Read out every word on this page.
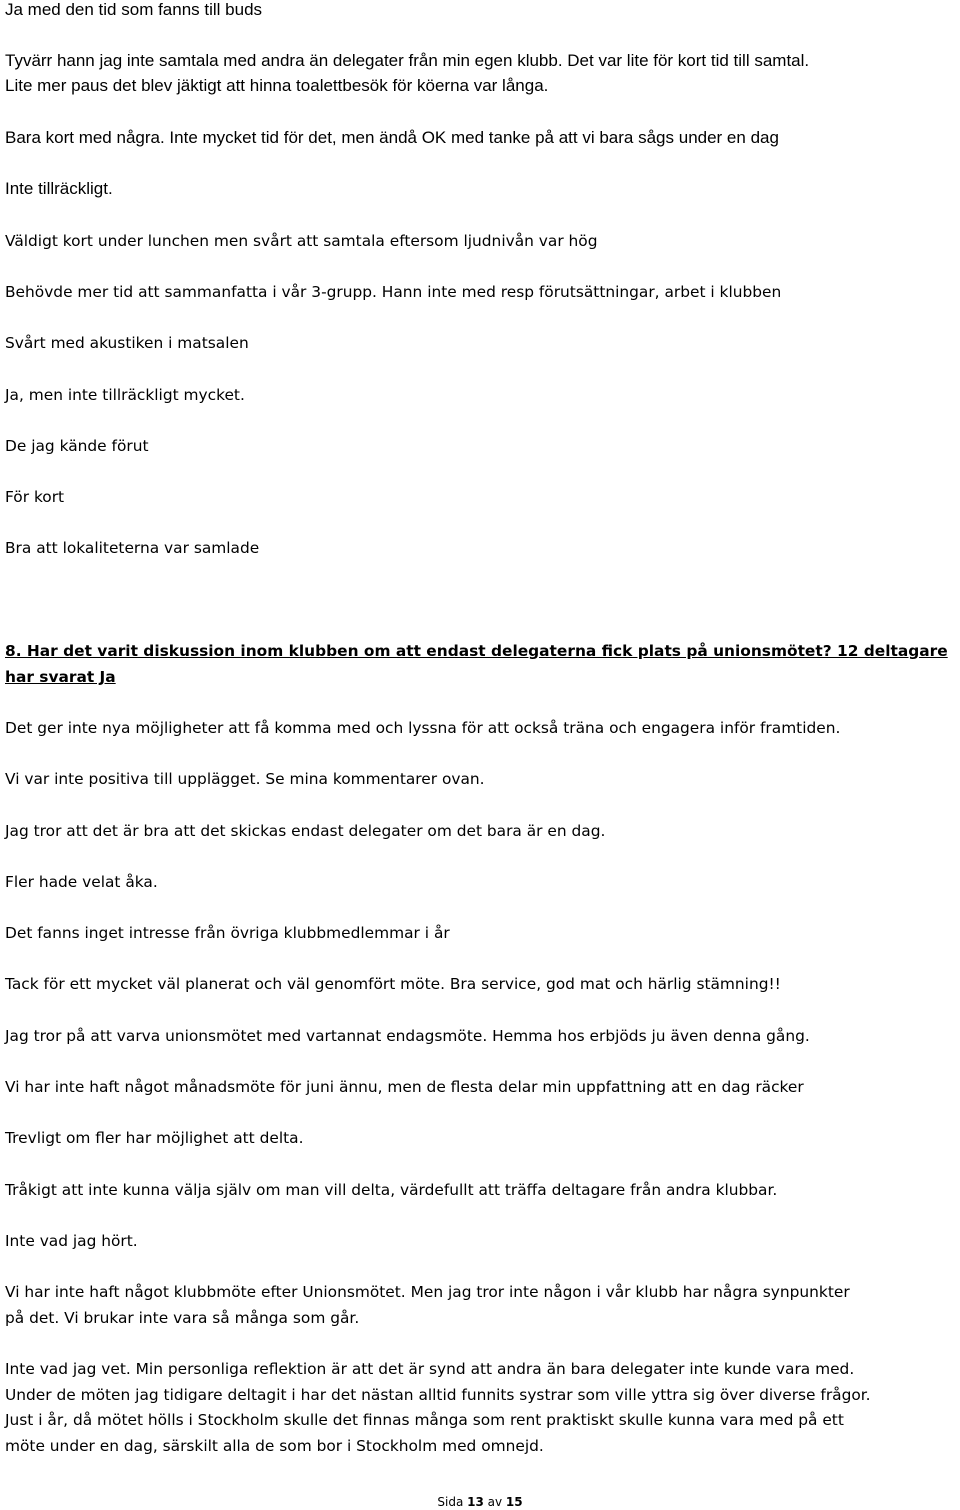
Ja med den tid som fanns till buds
Tyvärr hann jag inte samtala med andra än delegater från min egen klubb. Det var lite för kort tid till samtal.
Lite mer paus det blev jäktigt att hinna toalettbesök för köerna var långa.
Bara kort med några. Inte mycket tid för det, men ändå OK med tanke på att vi bara sågs under en dag
Inte tillräckligt.
Väldigt kort under lunchen men svårt att samtala eftersom ljudnivån var hög
Behövde mer tid att sammanfatta i vår 3-grupp. Hann inte med resp förutsättningar, arbet i klubben
Svårt med akustiken i matsalen
Ja, men inte tillräckligt mycket.
De jag kände förut
För kort
Bra att lokaliteterna var samlade
8. Har det varit diskussion inom klubben om att endast delegaterna fick plats på unionsmötet? 12 deltagare
har svarat Ja
Det ger inte nya möjligheter att få komma med och lyssna för att också träna och engagera inför framtiden.
Vi var inte positiva till upplägget. Se mina kommentarer ovan.
Jag tror att det är bra att det skickas endast delegater om det bara är en dag.
Fler hade velat åka.
Det fanns inget intresse från övriga klubbmedlemmar i år
Tack för ett mycket väl planerat och väl genomfört möte. Bra service, god mat och härlig stämning!!
Jag tror på att varva unionsmötet med vartannat endagsmöte. Hemma hos erbjöds ju även denna gång.
Vi har inte haft något månadsmöte för juni ännu, men de flesta delar min uppfattning att en dag räcker
Trevligt om fler har möjlighet att delta.
Tråkigt att inte kunna välja själv om man vill delta, värdefullt att träffa deltagare från andra klubbar.
Inte vad jag hört.
Vi har inte haft något klubbmöte efter Unionsmötet. Men jag tror inte någon i vår klubb har några synpunkter
på det. Vi brukar inte vara så många som går.
Inte vad jag vet. Min personliga reflektion är att det är synd att andra än bara delegater inte kunde vara med.
Under de möten jag tidigare deltagit i har det nästan alltid funnits systrar som ville yttra sig över diverse frågor.
Just i år, då mötet hölls i Stockholm skulle det finnas många som rent praktiskt skulle kunna vara med på ett
möte under en dag, särskilt alla de som bor i Stockholm med omnejd.
Sida 13 av 15
